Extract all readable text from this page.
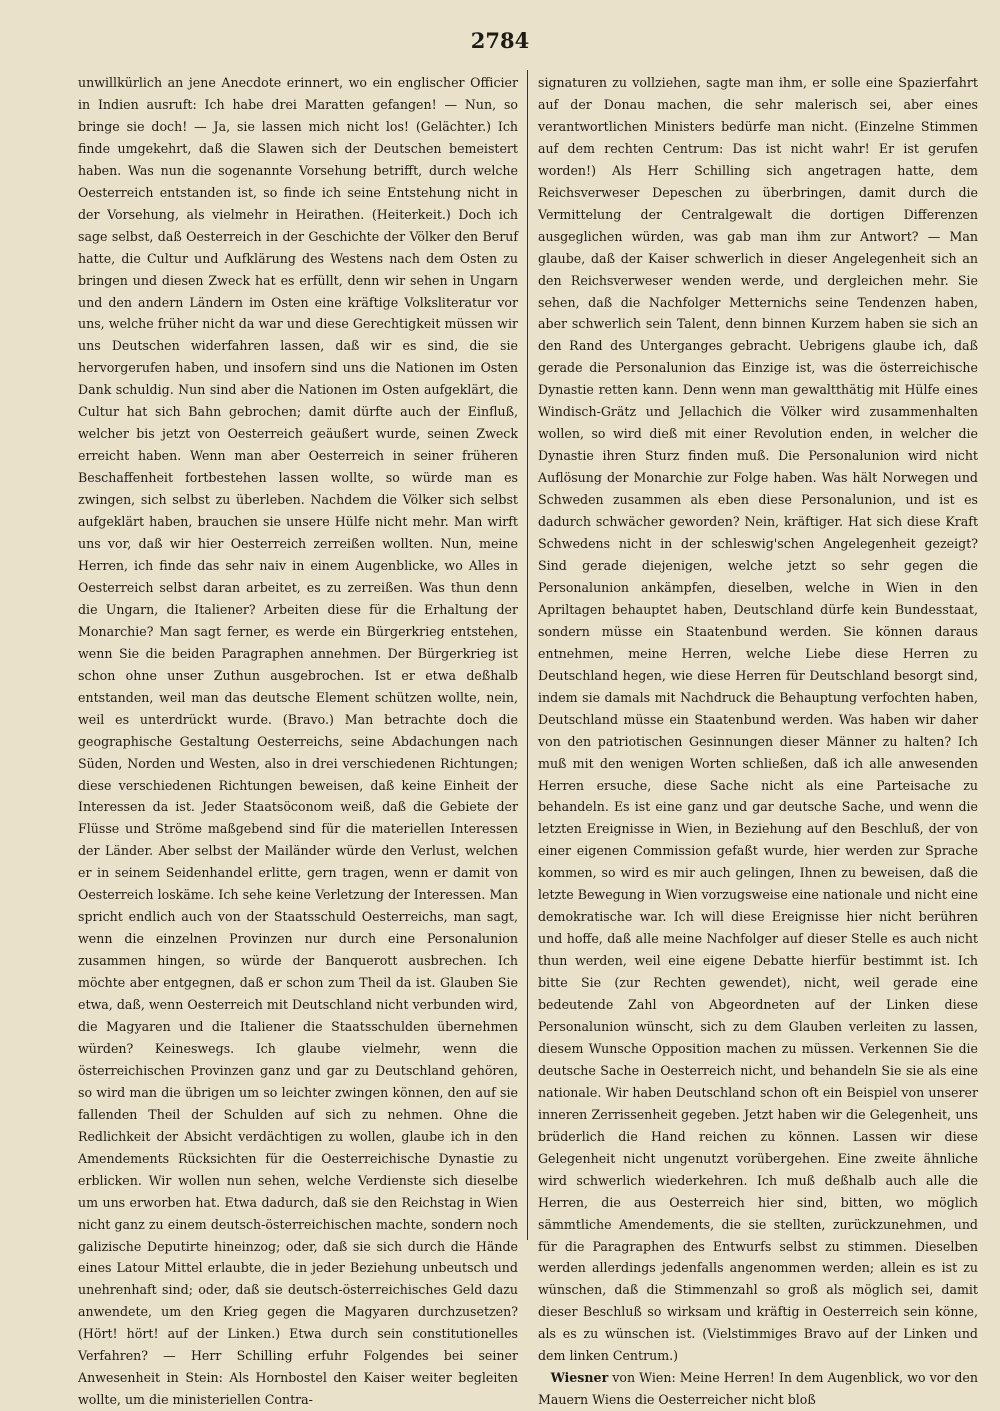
2784

unwillkürlich an jene Anecdote erinnert, wo ein englischer Officier in Indien ausruft: Ich habe drei Maratten gefangen! — Nun, so bringe sie doch! — Ja, sie lassen mich nicht los! (Gelächter.) Ich finde umgekehrt, daß die Slawen sich der Deutschen bemeistert haben. Was nun die sogenannte Vorsehung betrifft, durch welche Oesterreich entstanden ist, so finde ich seine Entstehung nicht in der Vorsehung, als vielmehr in Heirathen. (Heiterkeit.) Doch ich sage selbst, daß Oesterreich in der Geschichte der Völker den Beruf hatte, die Cultur und Aufklärung des Westens nach dem Osten zu bringen und diesen Zweck hat es erfüllt, denn wir sehen in Ungarn und den andern Ländern im Osten eine kräftige Volksliteratur vor uns, welche früher nicht da war und diese Gerechtigkeit müssen wir uns Deutschen widerfahren lassen, daß wir es sind, die sie hervorgerufen haben, und insofern sind uns die Nationen im Osten Dank schuldig. Nun sind aber die Nationen im Osten aufgeklärt, die Cultur hat sich Bahn gebrochen; damit dürfte auch der Einfluß, welcher bis jetzt von Oesterreich geäußert wurde, seinen Zweck erreicht haben. Wenn man aber Oesterreich in seiner früheren Beschaffenheit fortbestehen lassen wollte, so würde man es zwingen, sich selbst zu überleben. Nachdem die Völker sich selbst aufgeklärt haben, brauchen sie unsere Hülfe nicht mehr. Man wirft uns vor, daß wir hier Oesterreich zerreißen wollten. Nun, meine Herren, ich finde das sehr naiv in einem Augenblicke, wo Alles in Oesterreich selbst daran arbeitet, es zu zerreißen. Was thun denn die Ungarn, die Italiener? Arbeiten diese für die Erhaltung der Monarchie? Man sagt ferner, es werde ein Bürgerkrieg entstehen, wenn Sie die beiden Paragraphen annehmen. Der Bürgerkrieg ist schon ohne unser Zuthun ausgebrochen. Ist er etwa deßhalb entstanden, weil man das deutsche Element schützen wollte, nein, weil es unterdrückt wurde. (Bravo.) Man betrachte doch die geographische Gestaltung Oesterreichs, seine Abdachungen nach Süden, Norden und Westen, also in drei verschiedenen Richtungen; diese verschiedenen Richtungen beweisen, daß keine Einheit der Interessen da ist. Jeder Staatsöconom weiß, daß die Gebiete der Flüsse und Ströme maßgebend sind für die materiellen Interessen der Länder. Aber selbst der Mailänder würde den Verlust, welchen er in seinem Seidenhandel erlitte, gern tragen, wenn er damit von Oesterreich loskäme. Ich sehe keine Verletzung der Interessen. Man spricht endlich auch von der Staatsschuld Oesterreichs, man sagt, wenn die einzelnen Provinzen nur durch eine Personalunion zusammen hingen, so würde der Banquerott ausbrechen. Ich möchte aber entgegnen, daß er schon zum Theil da ist. Glauben Sie etwa, daß, wenn Oesterreich mit Deutschland nicht verbunden wird, die Magyaren und die Italiener die Staatsschulden übernehmen würden? Keineswegs. Ich glaube vielmehr, wenn die österreichischen Provinzen ganz und gar zu Deutschland gehören, so wird man die übrigen um so leichter zwingen können, den auf sie fallenden Theil der Schulden auf sich zu nehmen. Ohne die Redlichkeit der Absicht verdächtigen zu wollen, glaube ich in den Amendements Rücksichten für die Oesterreichische Dynastie zu erblicken. Wir wollen nun sehen, welche Verdienste sich dieselbe um uns erworben hat. Etwa dadurch, daß sie den Reichstag in Wien nicht ganz zu einem deutsch-österreichischen machte, sondern noch galizische Deputirte hineinzog; oder, daß sie sich durch die Hände eines Latour Mittel erlaubte, die in jeder Beziehung unbeutsch und unehrenhaft sind; oder, daß sie deutsch-österreichisches Geld dazu anwendete, um den Krieg gegen die Magyaren durchzusetzen? (Hört! hört! auf der Linken.) Etwa durch sein constitutionelles Verfahren? — Herr Schilling erfuhr Folgendes bei seiner Anwesenheit in Stein: Als Hornbostel den Kaiser weiter begleiten wollte, um die ministeriellen Contra-

signaturen zu vollziehen, sagte man ihm, er solle eine Spazierfahrt auf der Donau machen, die sehr malerisch sei, aber eines verantwortlichen Ministers bedürfe man nicht. (Einzelne Stimmen auf dem rechten Centrum: Das ist nicht wahr! Er ist gerufen worden!) Als Herr Schilling sich angetragen hatte, dem Reichsverweser Depeschen zu überbringen, damit durch die Vermittelung der Centralgewalt die dortigen Differenzen ausgeglichen würden, was gab man ihm zur Antwort? — Man glaube, daß der Kaiser schwerlich in dieser Angelegenheit sich an den Reichsverweser wenden werde, und dergleichen mehr. Sie sehen, daß die Nachfolger Metternichs seine Tendenzen haben, aber schwerlich sein Talent, denn binnen Kurzem haben sie sich an den Rand des Unterganges gebracht. Uebrigens glaube ich, daß gerade die Personalunion das Einzige ist, was die österreichische Dynastie retten kann. Denn wenn man gewaltthätig mit Hülfe eines Windisch-Grätz und Jellachich die Völker wird zusammenhalten wollen, so wird dieß mit einer Revolution enden, in welcher die Dynastie ihren Sturz finden muß. Die Personalunion wird nicht Auflösung der Monarchie zur Folge haben. Was hält Norwegen und Schweden zusammen als eben diese Personalunion, und ist es dadurch schwächer geworden? Nein, kräftiger. Hat sich diese Kraft Schwedens nicht in der schleswig'schen Angelegenheit gezeigt? Sind gerade diejenigen, welche jetzt so sehr gegen die Personalunion ankämpfen, dieselben, welche in Wien in den Apriltagen behauptet haben, Deutschland dürfe kein Bundesstaat, sondern müsse ein Staatenbund werden. Sie können daraus entnehmen, meine Herren, welche Liebe diese Herren zu Deutschland hegen, wie diese Herren für Deutschland besorgt sind, indem sie damals mit Nachdruck die Behauptung verfochten haben, Deutschland müsse ein Staatenbund werden. Was haben wir daher von den patriotischen Gesinnungen dieser Männer zu halten? Ich muß mit den wenigen Worten schließen, daß ich alle anwesenden Herren ersuche, diese Sache nicht als eine Parteisache zu behandeln. Es ist eine ganz und gar deutsche Sache, und wenn die letzten Ereignisse in Wien, in Beziehung auf den Beschluß, der von einer eigenen Commission gefaßt wurde, hier werden zur Sprache kommen, so wird es mir auch gelingen, Ihnen zu beweisen, daß die letzte Bewegung in Wien vorzugsweise eine nationale und nicht eine demokratische war. Ich will diese Ereignisse hier nicht berühren und hoffe, daß alle meine Nachfolger auf dieser Stelle es auch nicht thun werden, weil eine eigene Debatte hierfür bestimmt ist. Ich bitte Sie (zur Rechten gewendet), nicht, weil gerade eine bedeutende Zahl von Abgeordneten auf der Linken diese Personalunion wünscht, sich zu dem Glauben verleiten zu lassen, diesem Wunsche Opposition machen zu müssen. Verkennen Sie die deutsche Sache in Oesterreich nicht, und behandeln Sie sie als eine nationale. Wir haben Deutschland schon oft ein Beispiel von unserer inneren Zerrissenheit gegeben. Jetzt haben wir die Gelegenheit, uns brüderlich die Hand reichen zu können. Lassen wir diese Gelegenheit nicht ungenutzt vorübergehen. Eine zweite ähnliche wird schwerlich wiederkehren. Ich muß deßhalb auch alle die Herren, die aus Oesterreich hier sind, bitten, wo möglich sämmtliche Amendements, die sie stellten, zurückzunehmen, und für die Paragraphen des Entwurfs selbst zu stimmen. Dieselben werden allerdings jedenfalls angenommen werden; allein es ist zu wünschen, daß die Stimmenzahl so groß als möglich sei, damit dieser Beschluß so wirksam und kräftig in Oesterreich sein könne, als es zu wünschen ist. (Vielstimmiges Bravo auf der Linken und dem linken Centrum.)

 Wiesner von Wien: Meine Herren! In dem Augenblick, wo vor den Mauern Wiens die Oesterreicher nicht bloß
